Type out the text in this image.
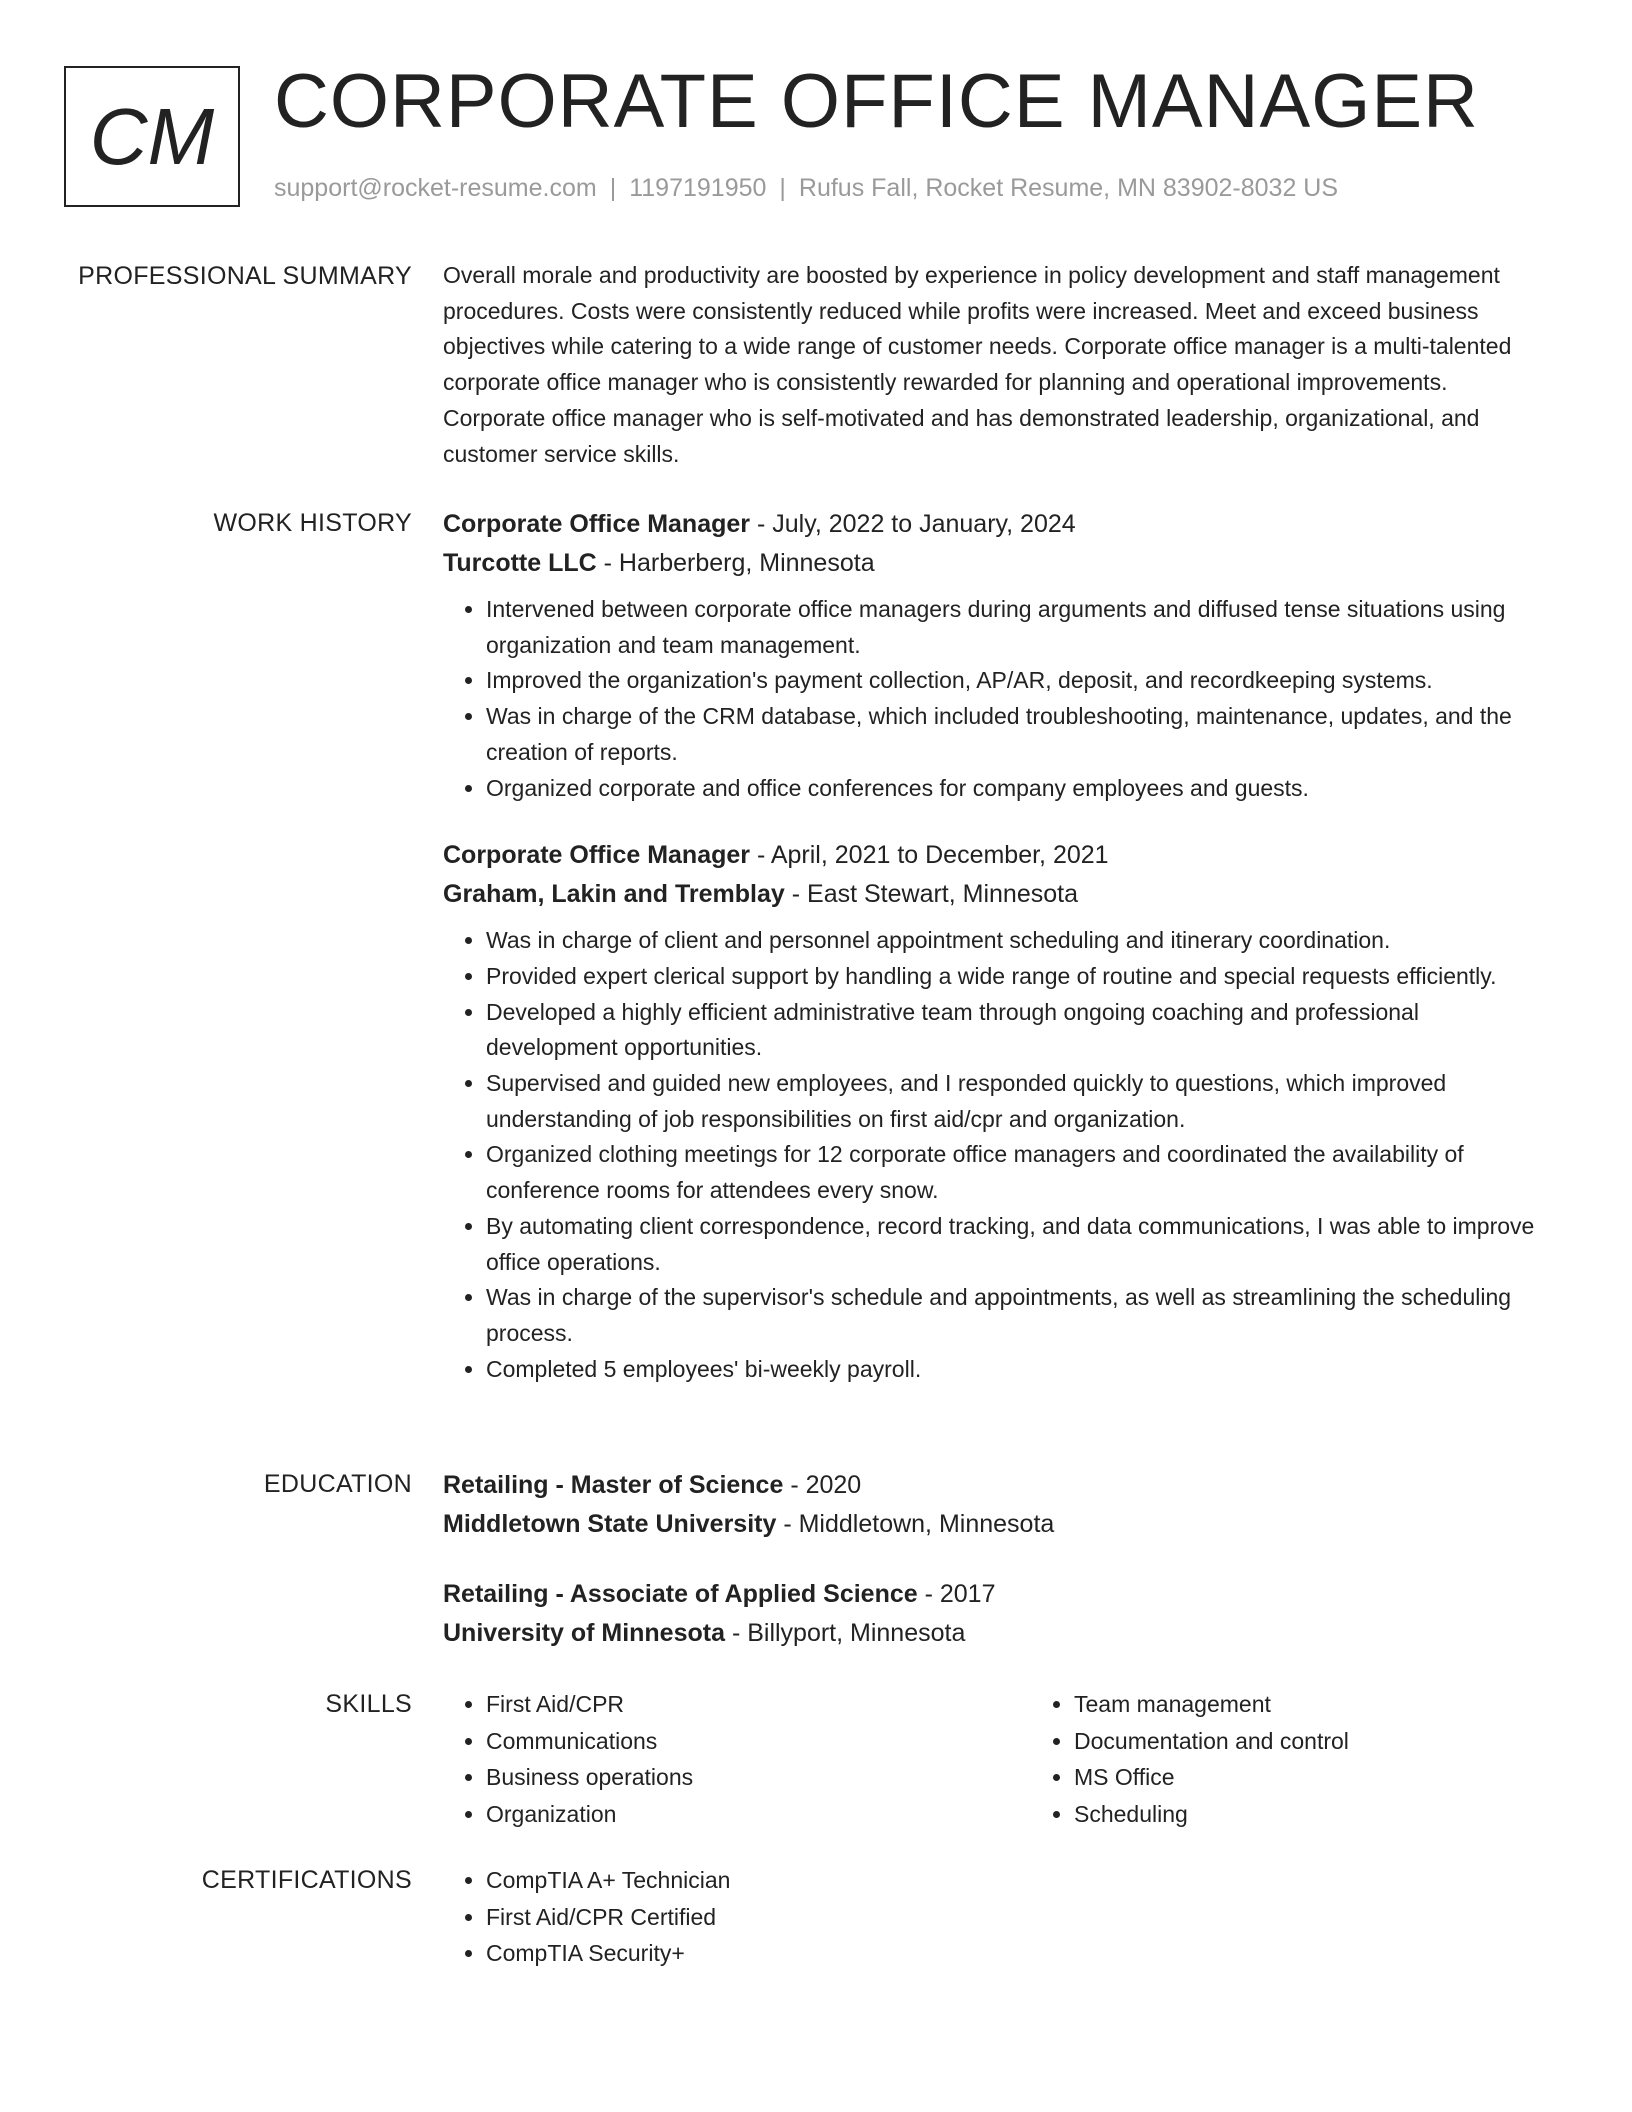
CM CORPORATE OFFICE MANAGER
support@rocket-resume.com | 1197191950 | Rufus Fall, Rocket Resume, MN 83902-8032 US
PROFESSIONAL SUMMARY Overall morale and productivity are boosted by experience in policy development and staff management procedures. Costs were consistently reduced while profits were increased. Meet and exceed business objectives while catering to a wide range of customer needs. Corporate office manager is a multi-talented corporate office manager who is consistently rewarded for planning and operational improvements. Corporate office manager who is self-motivated and has demonstrated leadership, organizational, and customer service skills.

WORK HISTORY Corporate Office Manager - July, 2022 to January, 2024
Turcotte LLC - Harberberg, Minnesota
• Intervened between corporate office managers during arguments and diffused tense situations using organization and team management.
• Improved the organization's payment collection, AP/AR, deposit, and recordkeeping systems.
• Was in charge of the CRM database, which included troubleshooting, maintenance, updates, and the creation of reports.
• Organized corporate and office conferences for company employees and guests.
Corporate Office Manager - April, 2021 to December, 2021
Graham, Lakin and Tremblay - East Stewart, Minnesota
• Was in charge of client and personnel appointment scheduling and itinerary coordination.
• Provided expert clerical support by handling a wide range of routine and special requests efficiently.
• Developed a highly efficient administrative team through ongoing coaching and professional development opportunities.
• Supervised and guided new employees, and I responded quickly to questions, which improved understanding of job responsibilities on first aid/cpr and organization.
• Organized clothing meetings for 12 corporate office managers and coordinated the availability of conference rooms for attendees every snow.
• By automating client correspondence, record tracking, and data communications, I was able to improve office operations.
• Was in charge of the supervisor's schedule and appointments, as well as streamlining the scheduling process.
• Completed 5 employees' bi-weekly payroll.
EDUCATION Retailing - Master of Science - 2020
Middletown State University - Middletown, Minnesota
Retailing - Associate of Applied Science - 2017
University of Minnesota - Billyport, Minnesota
SKILLS	• First Aid/CPR
• Communications
• Business operations
• Organization
• Team management
• Documentation and control
• MS Office
• Scheduling
CERTIFICATIONS	• CompTIA A+ Technician
• First Aid/CPR Certified
• CompTIA Security+
